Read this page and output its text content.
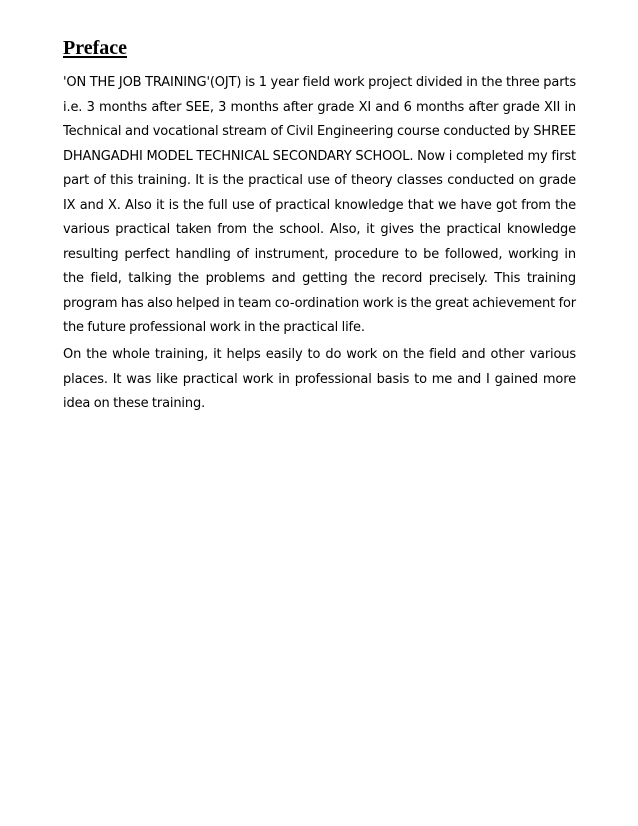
Preface

'ON THE JOB TRAINING'(OJT) is 1 year field work project divided in the three parts i.e. 3 months after SEE, 3 months after grade XI and 6 months after grade XII in Technical and vocational stream of Civil Engineering course conducted by SHREE DHANGADHI MODEL TECHNICAL SECONDARY SCHOOL. Now i completed my first part of this training. It is the practical use of theory classes conducted on grade IX and X. Also it is the full use of practical knowledge that we have got from the various practical taken from the school. Also, it gives the practical knowledge resulting perfect handling of instrument, procedure to be followed, working in the field, talking the problems and getting the record precisely. This training program has also helped in team co-ordination work is the great achievement for the future professional work in the practical life.

On the whole training, it helps easily to do work on the field and other various places. It was like practical work in professional basis to me and I gained more idea on these training.
